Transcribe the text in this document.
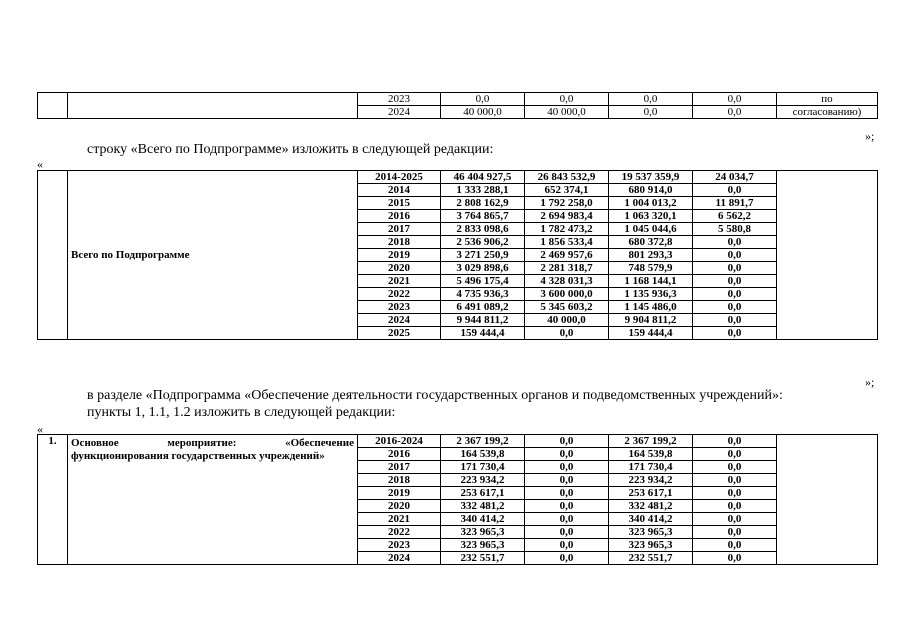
		2023	0,0	0,0	0,0	0,0	по
		2024	40 000,0	40 000,0	0,0	0,0	согласованию)
»;
строку «Всего по Подпрограмме» изложить в следующей редакции:
«
	Всего по Подпрограмме	2014-2025	46 404 927,5	26 843 532,9	19 537 359,9	24 034,7	
		2014	1 333 288,1	652 374,1	680 914,0	0,0	
		2015	2 808 162,9	1 792 258,0	1 004 013,2	11 891,7	
		2016	3 764 865,7	2 694 983,4	1 063 320,1	6 562,2	
		2017	2 833 098,6	1 782 473,2	1 045 044,6	5 580,8	
		2018	2 536 906,2	1 856 533,4	680 372,8	0,0	
		2019	3 271 250,9	2 469 957,6	801 293,3	0,0	
		2020	3 029 898,6	2 281 318,7	748 579,9	0,0	
		2021	5 496 175,4	4 328 031,3	1 168 144,1	0,0	
		2022	4 735 936,3	3 600 000,0	1 135 936,3	0,0	
		2023	6 491 089,2	5 345 603,2	1 145 486,0	0,0	
		2024	9 944 811,2	40 000,0	9 904 811,2	0,0	
		2025	159 444,4	0,0	159 444,4	0,0	
»;
в разделе «Подпрограмма «Обеспечение деятельности государственных органов и подведомственных учреждений»:
пункты 1, 1.1, 1.2 изложить в следующей редакции:
«
1.	Основное мероприятие: «Обеспечение функционирования государственных учреждений»	2016-2024	2 367 199,2	0,0	2 367 199,2	0,0	
		2016	164 539,8	0,0	164 539,8	0,0	
		2017	171 730,4	0,0	171 730,4	0,0	
		2018	223 934,2	0,0	223 934,2	0,0	
		2019	253 617,1	0,0	253 617,1	0,0	
		2020	332 481,2	0,0	332 481,2	0,0	
		2021	340 414,2	0,0	340 414,2	0,0	
		2022	323 965,3	0,0	323 965,3	0,0	
		2023	323 965,3	0,0	323 965,3	0,0	
		2024	232 551,7	0,0	232 551,7	0,0	
